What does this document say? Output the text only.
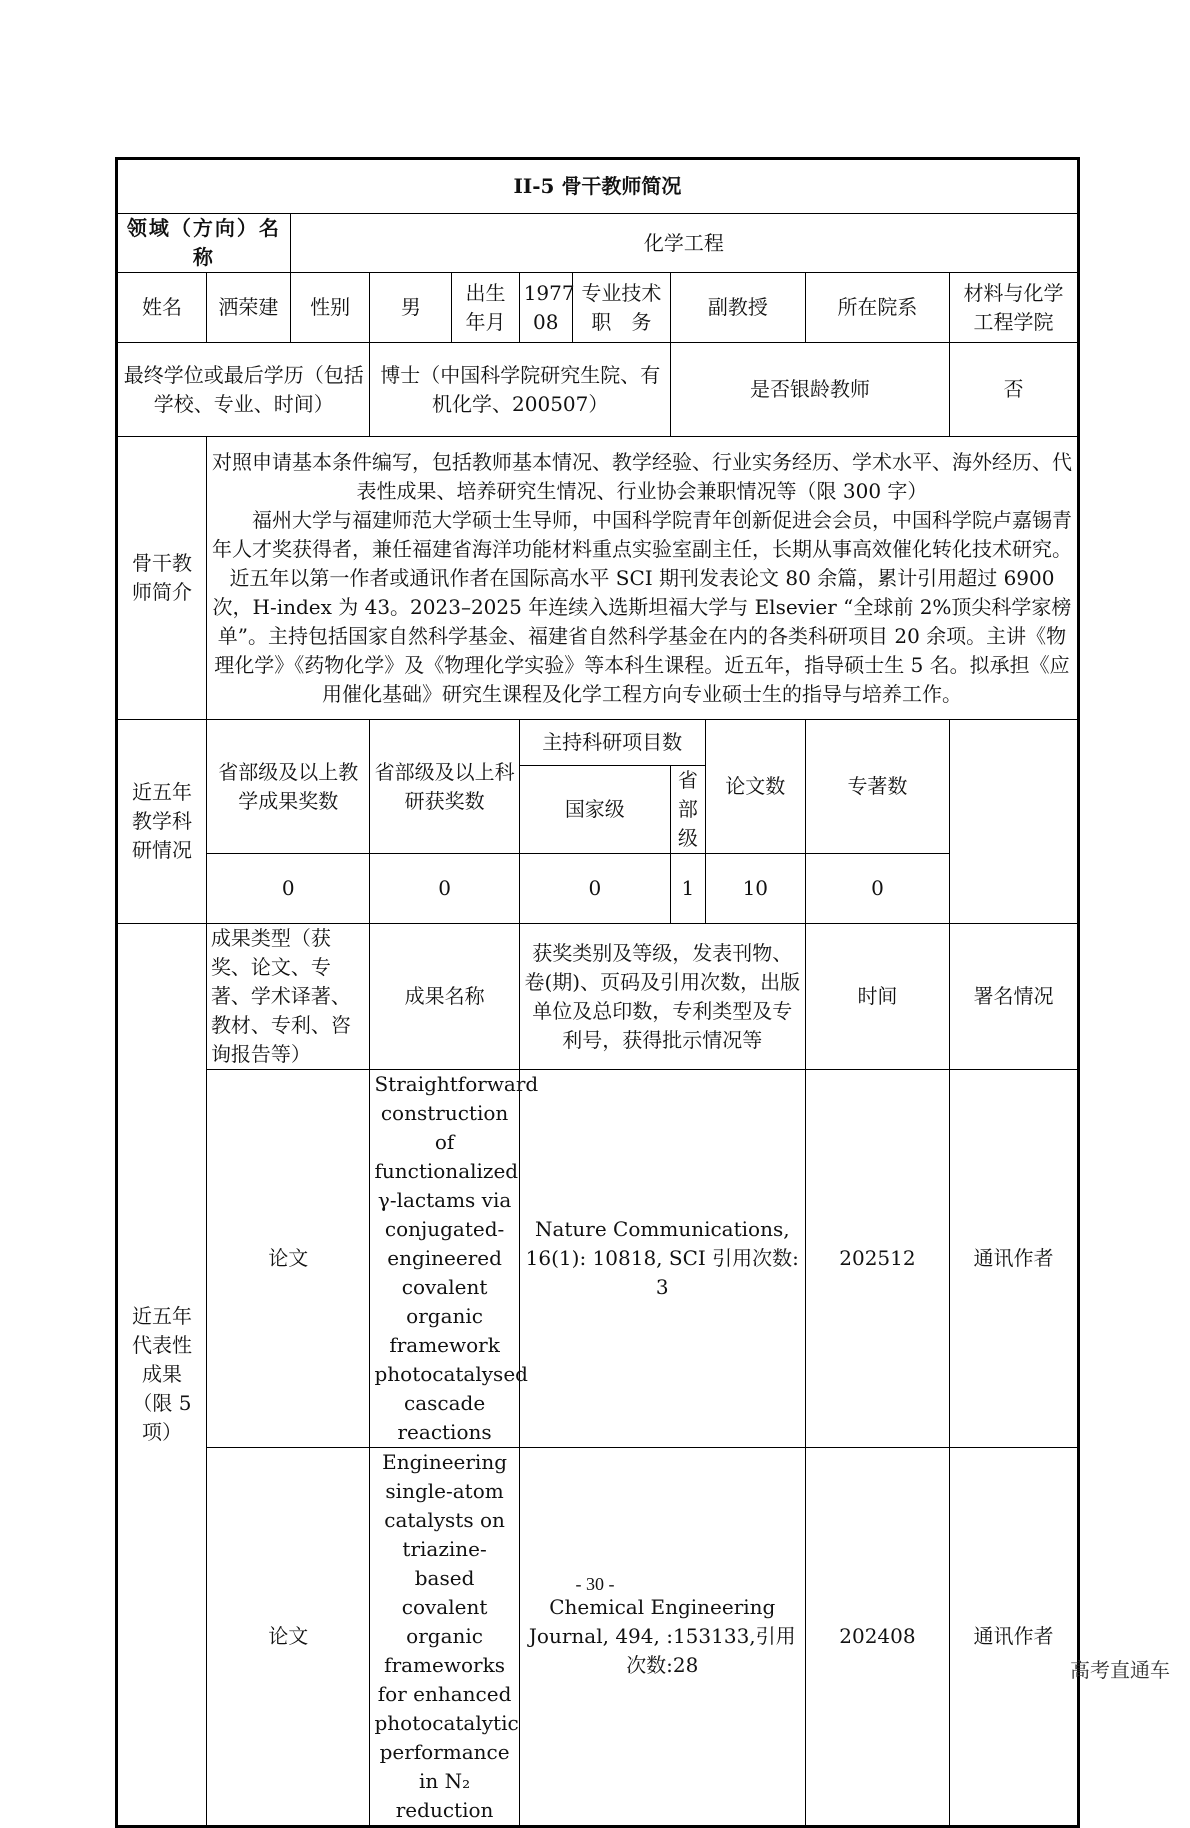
II-5 骨干教师简况										
领域（方向）名称		化学工程								
姓名	洒荣建	性别	男	出生年月	1977 08	专业技术职　务	副教授		所在院系	材料与化学工程学院
最终学位或最后学历（包括学校、专业、时间）			博士（中国科学院研究生院、有机化学、200507）				是否银龄教师			否
骨干教师简介	对照申请基本条件编写，包括教师基本情况、教学经验、行业实务经历、学术水平、海外经历、代表性成果、培养研究生情况、行业协会兼职情况等（限 300 字）

福州大学与福建师范大学硕士生导师，中国科学院青年创新促进会会员，中国科学院卢嘉锡青年人才奖获得者，兼任福建省海洋功能材料重点实验室副主任，长期从事高效催化转化技术研究。近五年以第一作者或通讯作者在国际高水平 SCI 期刊发表论文 80 余篇，累计引用超过 6900 次，H-index 为 43。2023–2025 年连续入选斯坦福大学与 Elsevier “全球前 2%顶尖科学家榜单”。主持包括国家自然科学基金、福建省自然科学基金在内的各类科研项目 20 余项。主讲《物理化学》《药物化学》及《物理化学实验》等本科生课程。近五年，指导硕士生 5 名。拟承担《应用催化基础》研究生课程及化学工程方向专业硕士生的指导与培养工作。									

近五年教学科研情况	省部级及以上教学成果奖数		省部级及以上科研获奖数		主持科研项目数			论文数	专著数	
					国家级		省部级			
	0		0		0		1	10	0	
近五年代表性成果（限 5 项）	成果类型（获奖、论文、专著、学术译著、教材、专利、咨询报告等）		成果名称		获奖类别及等级，发表刊物、卷(期)、页码及引用次数，出版单位及总印数，专利类型及专利号，获得批示情况等				时间	署名情况
	论文		Straightforward construction of functionalized γ-lactams via conjugated-engineered covalent organic framework photocatalysed cascade reactions		Nature Communications, 16(1): 10818, SCI 引用次数: 3				202512	通讯作者
	论文		Engineering single-atom catalysts on triazine-based covalent organic frameworks for enhanced photocatalytic performance in N₂ reduction		Chemical Engineering Journal, 494, :153133,引用次数:28				202408	通讯作者
- 30 -
高考直通车
